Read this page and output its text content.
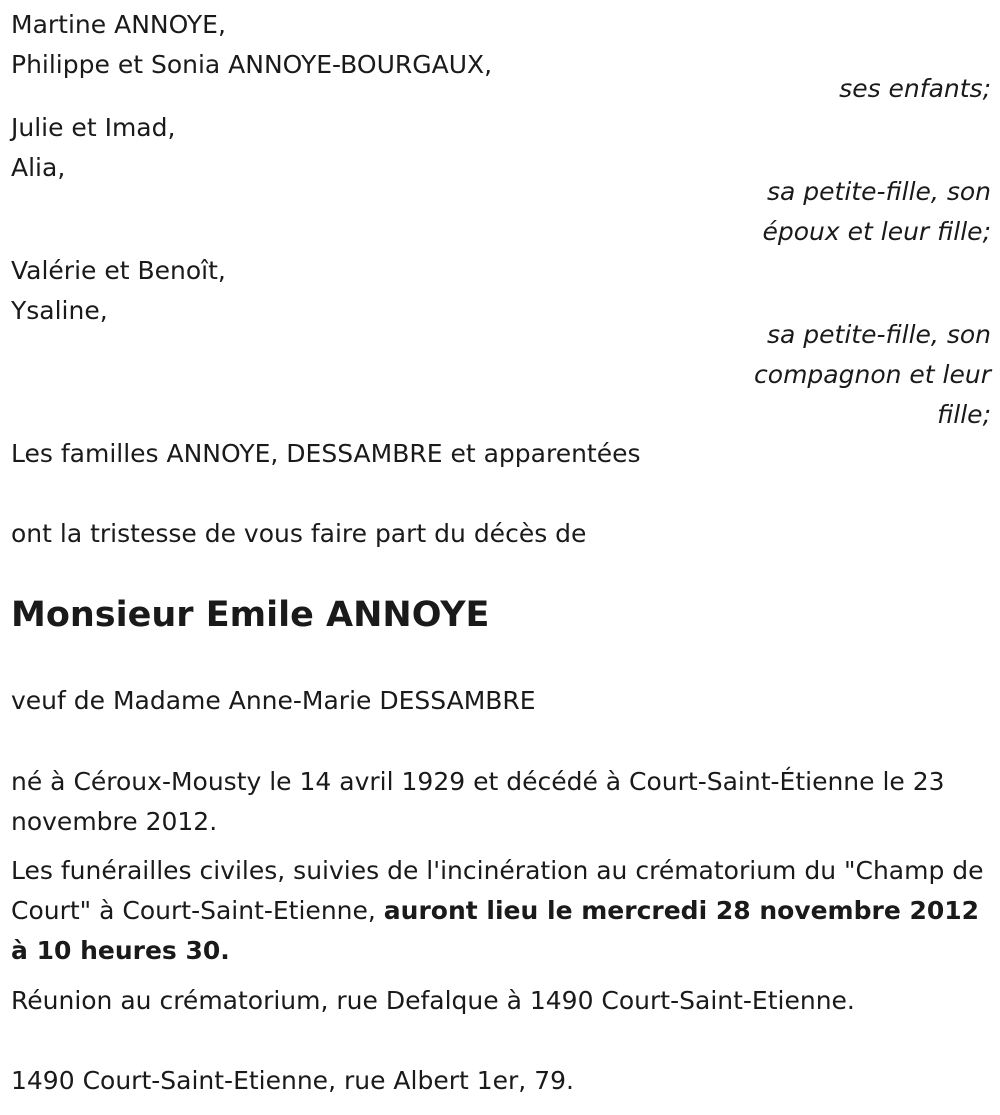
Martine ANNOYE,
Philippe et Sonia ANNOYE-BOURGAUX,
ses enfants;
Julie et Imad,
Alia,
sa petite-fille, son
époux et leur fille;
Valérie et Benoît,
Ysaline,
sa petite-fille, son
compagnon et leur
fille;
Les familles ANNOYE, DESSAMBRE et apparentées
ont la tristesse de vous faire part du décès de
Monsieur Emile ANNOYE
veuf de Madame Anne-Marie DESSAMBRE
né à Céroux-Mousty le 14 avril 1929 et décédé à Court-Saint-Étienne le 23 novembre 2012.
Les funérailles civiles, suivies de l'incinération au crématorium du "Champ de Court" à Court-Saint-Etienne, auront lieu le mercredi 28 novembre 2012 à 10 heures 30.
Réunion au crématorium, rue Defalque à 1490 Court-Saint-Etienne.
1490 Court-Saint-Etienne, rue Albert 1er, 79.
